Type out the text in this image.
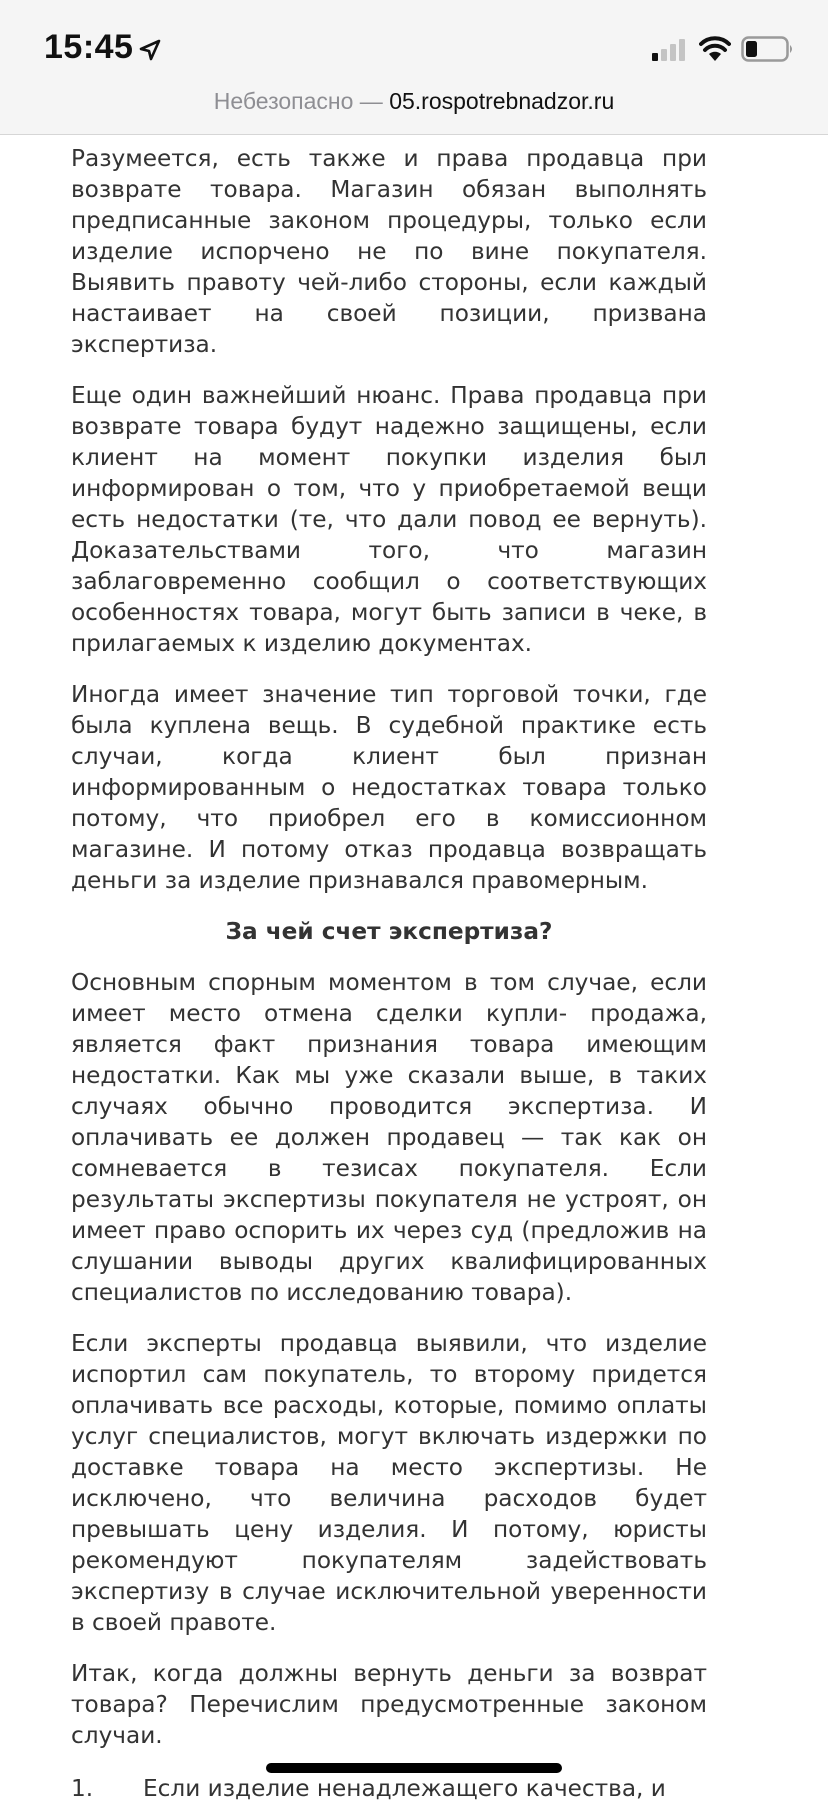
15:45
Небезопасно — 05.rospotrebnadzor.ru

Разумеется, есть также и права продавца при возврате товара. Магазин обязан выполнять предписанные законом процедуры, только если изделие испорчено не по вине покупателя. Выявить правоту чей-либо стороны, если каждый настаивает на своей позиции, призвана экспертиза.

Еще один важнейший нюанс. Права продавца при возврате товара будут надежно защищены, если клиент на момент покупки изделия был информирован о том, что у приобретаемой вещи есть недостатки (те, что дали повод ее вернуть). Доказательствами того, что магазин заблаговременно сообщил о соответствующих особенностях товара, могут быть записи в чеке, в прилагаемых к изделию документах.

Иногда имеет значение тип торговой точки, где была куплена вещь. В судебной практике есть случаи, когда клиент был признан информированным о недостатках товара только потому, что приобрел его в комиссионном магазине. И потому отказ продавца возвращать деньги за изделие признавался правомерным.

За чей счет экспертиза?

Основным спорным моментом в том случае, если имеет место отмена сделки купли- продажа, является факт признания товара имеющим недостатки. Как мы уже сказали выше, в таких случаях обычно проводится экспертиза. И оплачивать ее должен продавец — так как он сомневается в тезисах покупателя. Если результаты экспертизы покупателя не устроят, он имеет право оспорить их через суд (предложив на слушании выводы других квалифицированных специалистов по исследованию товара).

Если эксперты продавца выявили, что изделие испортил сам покупатель, то второму придется оплачивать все расходы, которые, помимо оплаты услуг специалистов, могут включать издержки по доставке товара на место экспертизы. Не исключено, что величина расходов будет превышать цену изделия. И потому, юристы рекомендуют покупателям задействовать экспертизу в случае исключительной уверенности в своей правоте.

Итак, когда должны вернуть деньги за возврат товара? Перечислим предусмотренные законом случаи.

1. Если изделие ненадлежащего качества, и
